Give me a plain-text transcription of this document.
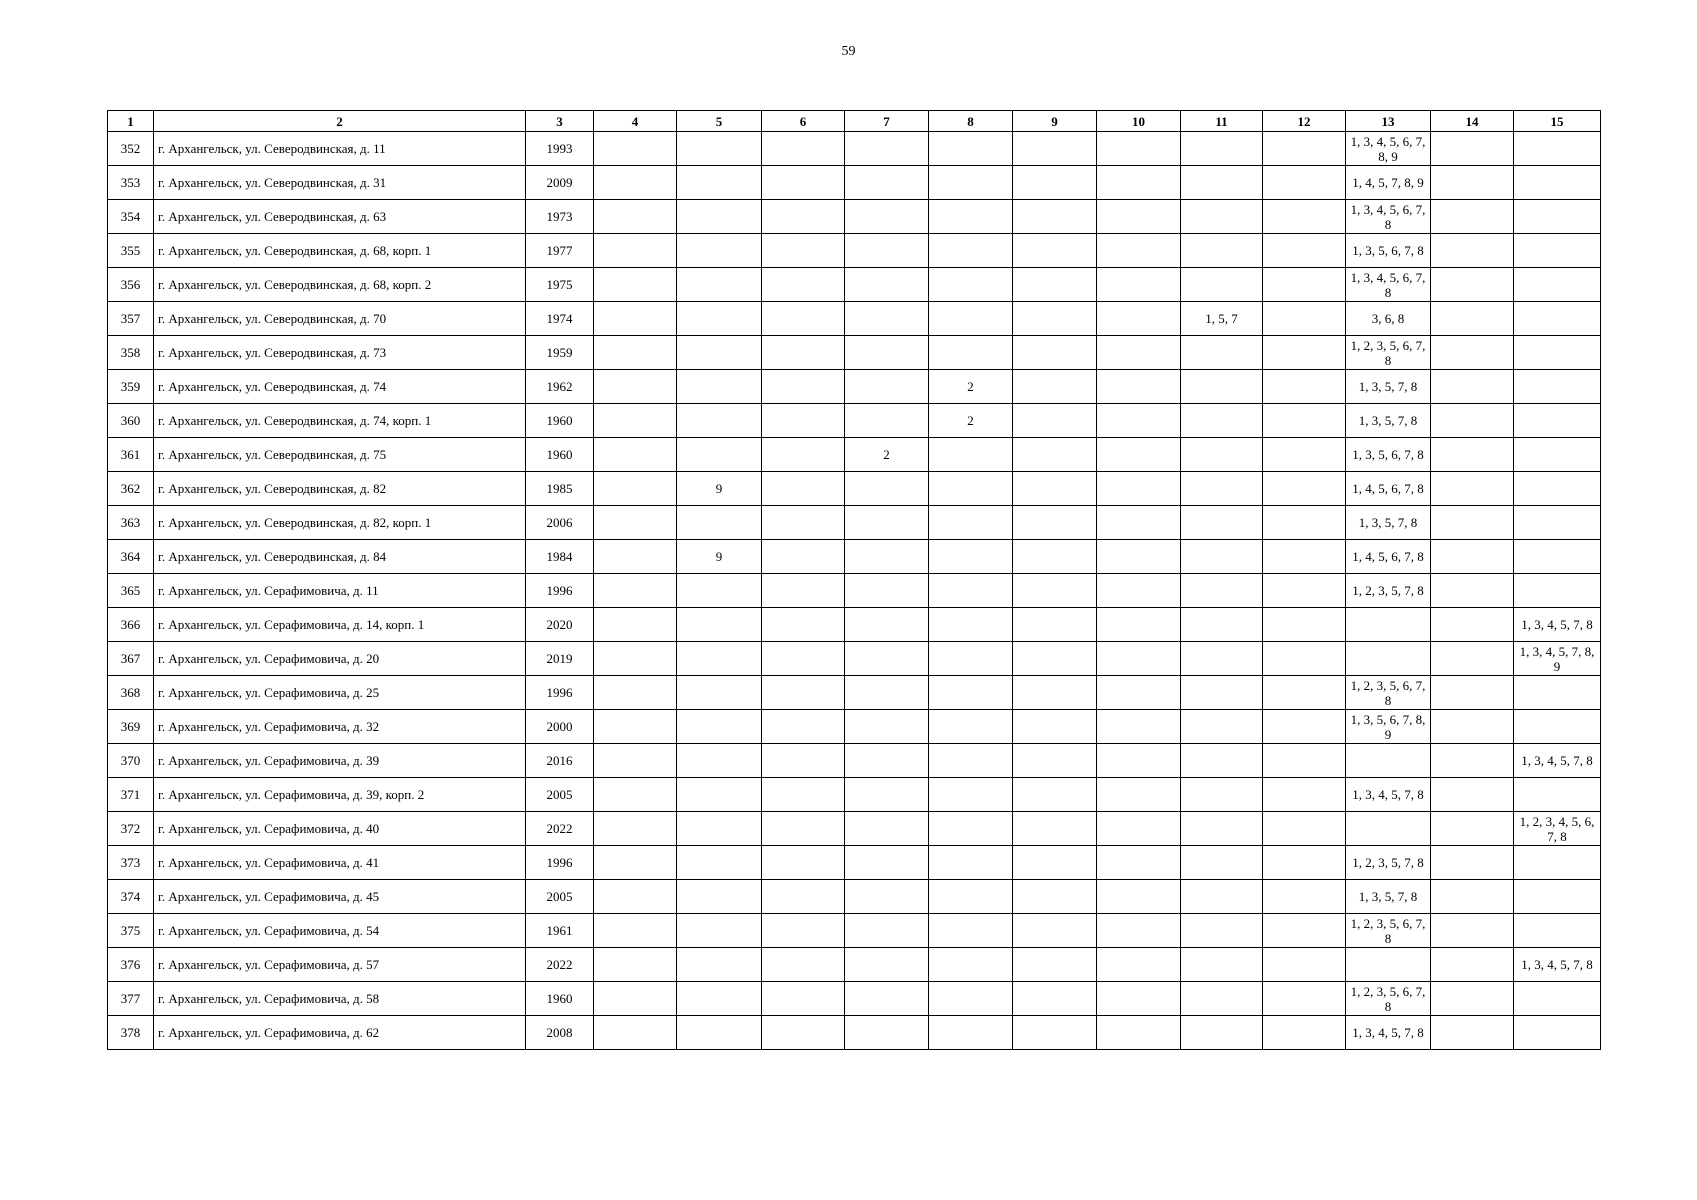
59
1	2	3	4	5	6	7	8	9	10	11	12	13	14	15
352	г. Архангельск, ул. Северодвинская, д. 11	1993										1, 3, 4, 5, 6, 7, 8, 9		
353	г. Архангельск, ул. Северодвинская, д. 31	2009										1, 4, 5, 7, 8, 9		
354	г. Архангельск, ул. Северодвинская, д. 63	1973										1, 3, 4, 5, 6, 7, 8		
355	г. Архангельск, ул. Северодвинская, д. 68, корп. 1	1977										1, 3, 5, 6, 7, 8		
356	г. Архангельск, ул. Северодвинская, д. 68, корп. 2	1975										1, 3, 4, 5, 6, 7, 8		
357	г. Архангельск, ул. Северодвинская, д. 70	1974								1, 5, 7		3, 6, 8		
358	г. Архангельск, ул. Северодвинская, д. 73	1959										1, 2, 3, 5, 6, 7, 8		
359	г. Архангельск, ул. Северодвинская, д. 74	1962					2					1, 3, 5, 7, 8		
360	г. Архангельск, ул. Северодвинская, д. 74, корп. 1	1960					2					1, 3, 5, 7, 8		
361	г. Архангельск, ул. Северодвинская, д. 75	1960				2						1, 3, 5, 6, 7, 8		
362	г. Архангельск, ул. Северодвинская, д. 82	1985		9								1, 4, 5, 6, 7, 8		
363	г. Архангельск, ул. Северодвинская, д. 82, корп. 1	2006										1, 3, 5, 7, 8		
364	г. Архангельск, ул. Северодвинская, д. 84	1984		9								1, 4, 5, 6, 7, 8		
365	г. Архангельск, ул. Серафимовича, д. 11	1996										1, 2, 3, 5, 7, 8		
366	г. Архангельск, ул. Серафимовича, д. 14, корп. 1	2020												1, 3, 4, 5, 7, 8
367	г. Архангельск, ул. Серафимовича, д. 20	2019												1, 3, 4, 5, 7, 8, 9
368	г. Архангельск, ул. Серафимовича, д. 25	1996										1, 2, 3, 5, 6, 7, 8		
369	г. Архангельск, ул. Серафимовича, д. 32	2000										1, 3, 5, 6, 7, 8, 9		
370	г. Архангельск, ул. Серафимовича, д. 39	2016												1, 3, 4, 5, 7, 8
371	г. Архангельск, ул. Серафимовича, д. 39, корп. 2	2005										1, 3, 4, 5, 7, 8		
372	г. Архангельск, ул. Серафимовича, д. 40	2022												1, 2, 3, 4, 5, 6, 7, 8
373	г. Архангельск, ул. Серафимовича, д. 41	1996										1, 2, 3, 5, 7, 8		
374	г. Архангельск, ул. Серафимовича, д. 45	2005										1, 3, 5, 7, 8		
375	г. Архангельск, ул. Серафимовича, д. 54	1961										1, 2, 3, 5, 6, 7, 8		
376	г. Архангельск, ул. Серафимовича, д. 57	2022												1, 3, 4, 5, 7, 8
377	г. Архангельск, ул. Серафимовича, д. 58	1960										1, 2, 3, 5, 6, 7, 8		
378	г. Архангельск, ул. Серафимовича, д. 62	2008										1, 3, 4, 5, 7, 8		
